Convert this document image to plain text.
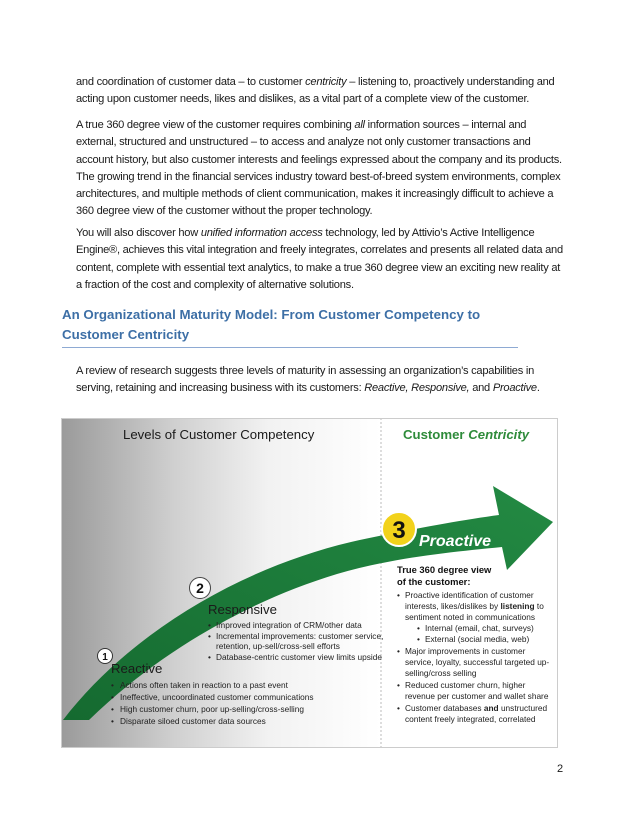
and coordination of customer data – to customer centricity – listening to, proactively understanding and acting upon customer needs, likes and dislikes, as a vital part of a complete view of the customer.

A true 360 degree view of the customer requires combining all information sources – internal and external, structured and unstructured – to access and analyze not only customer transactions and account history, but also customer interests and feelings expressed about the company and its products. The growing trend in the financial services industry toward best-of-breed system environments, complex architectures, and multiple methods of client communication, makes it increasingly difficult to achieve a 360 degree view of the customer without the proper technology.

You will also discover how unified information access technology, led by Attivio’s Active Intelligence Engine®, achieves this vital integration and freely integrates, correlates and presents all related data and content, complete with essential text analytics, to make a true 360 degree view an exciting new reality at a fraction of the cost and complexity of alternative solutions.

An Organizational Maturity Model: From Customer Competency to Customer Centricity

A review of research suggests three levels of maturity in assessing an organization’s capabilities in serving, retaining and increasing business with its customers: Reactive, Responsive, and Proactive.

Levels of Customer Competency	Customer Centricity
1
2
3
Reactive
Responsive
Proactive
• Actions often taken in reaction to a past event
• Ineffective, uncoordinated customer communications
• High customer churn, poor up-selling/cross-selling
• Disparate siloed customer data sources
• Improved integration of CRM/other data
• Incremental improvements: customer service,
retention, up-sell/cross-sell efforts
• Database-centric customer view limits upside
True 360 degree view
of the customer:
• Proactive identification of customer
interests, likes/dislikes by listening to
sentiment noted in communications
• Internal (email, chat, surveys)
• External (social media, web)
• Major improvements in customer
service, loyalty, successful targeted up-
selling/cross selling
• Reduced customer churn, higher
revenue per customer and wallet share
• Customer databases and unstructured
content freely integrated, correlated
2
